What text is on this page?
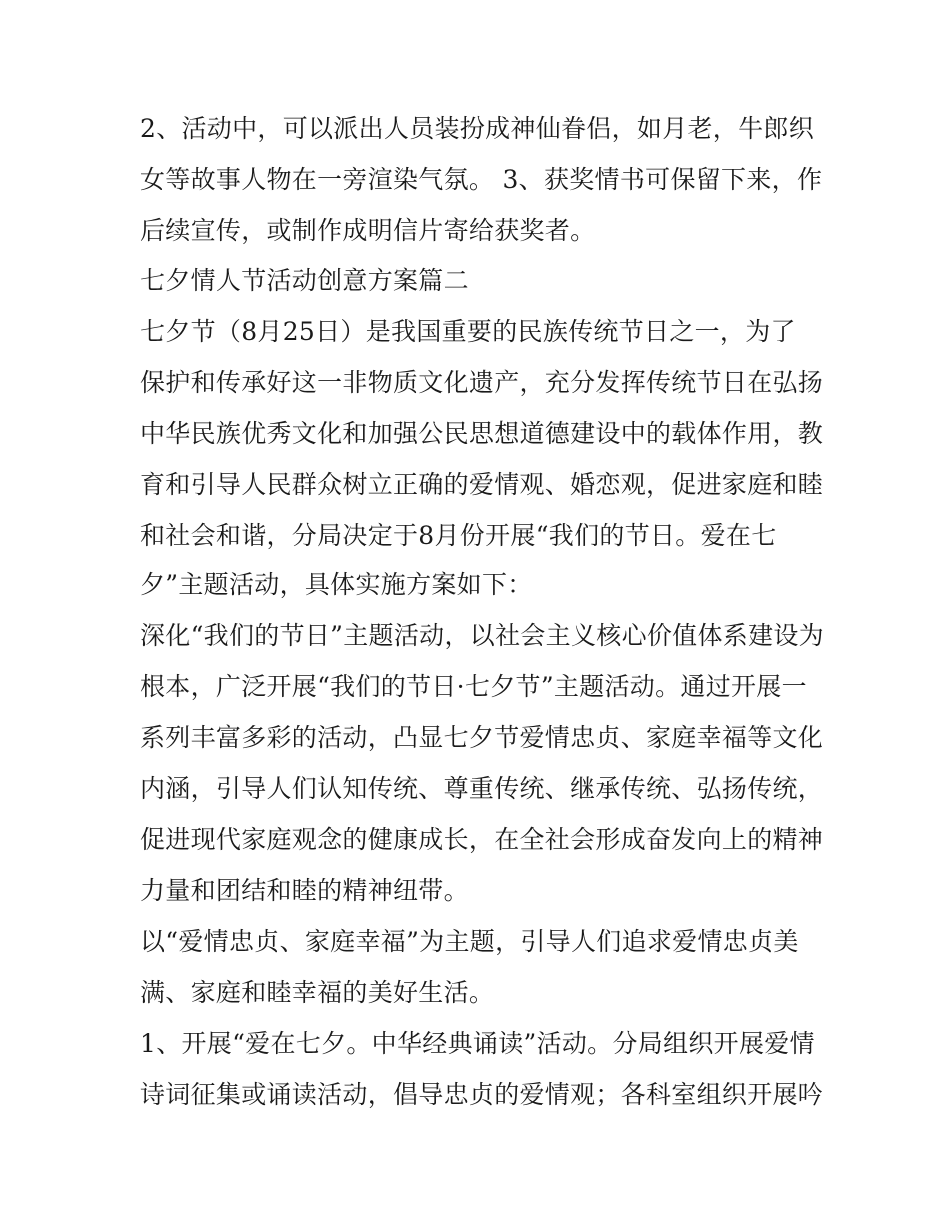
2、活动中，可以派出人员装扮成神仙眷侣，如月老，牛郎织

女等故事人物在一旁渲染气氛。 3、获奖情书可保留下来，作

后续宣传，或制作成明信片寄给获奖者。

七夕情人节活动创意方案篇二

七夕节（8月25日）是我国重要的民族传统节日之一，为了

保护和传承好这一非物质文化遗产，充分发挥传统节日在弘扬

中华民族优秀文化和加强公民思想道德建设中的载体作用，教

育和引导人民群众树立正确的爱情观、婚恋观，促进家庭和睦

和社会和谐，分局决定于8月份开展“我们的节日。爱在七

夕”主题活动，具体实施方案如下：

深化“我们的节日”主题活动，以社会主义核心价值体系建设为

根本，广泛开展“我们的节日·七夕节”主题活动。通过开展一

系列丰富多彩的活动，凸显七夕节爱情忠贞、家庭幸福等文化

内涵，引导人们认知传统、尊重传统、继承传统、弘扬传统，

促进现代家庭观念的健康成长，在全社会形成奋发向上的精神

力量和团结和睦的精神纽带。

以“爱情忠贞、家庭幸福”为主题，引导人们追求爱情忠贞美

满、家庭和睦幸福的美好生活。

1、开展“爱在七夕。中华经典诵读”活动。分局组织开展爱情

诗词征集或诵读活动，倡导忠贞的爱情观；各科室组织开展吟
